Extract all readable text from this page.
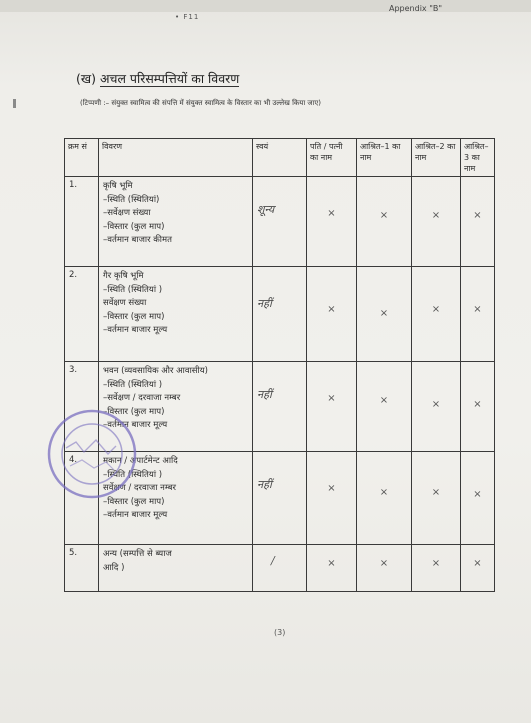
Appendix "B"
• F11
(ख) अचल परिसम्पत्तियों का विवरण
(टिप्पणी :– संयुक्त स्वामित्व की संपत्ति में संयुक्त स्वामित्व के विस्तार का भी उल्लेख किया जाए)
क्रम सं	विवरण	स्वयं	पति / पत्नी का नाम	आश्रित–1 का नाम	आश्रित–2 का नाम	आश्रित–3 का नाम
1.	कृषि भूमि
–स्थिति (स्थितियां)
–सर्वेक्षण संख्या
–विस्तार (कुल माप)
–वर्तमान बाजार कीमत	शून्य	×	×	×	×

2.	गैर कृषि भूमि
–स्थिति (स्थितियां )
सर्वेक्षण संख्या
–विस्तार (कुल माप)
–वर्तमान बाजार मूल्य	नहीं	×	×	×	×

3.	भवन (व्यवसायिक और आवासीय)
–स्थिति (स्थितियां )
–सर्वेक्षण / दरवाजा नम्बर
–विस्तार (कुल माप)
–वर्तमान बाजार मूल्य	नहीं	×	×	×	×

4.	मकान / अपार्टमेन्ट आदि
–स्थिति (स्थितियां )
सर्वेक्षण / दरवाजा नम्बर
–विस्तार (कुल माप)
–वर्तमान बाजार मूल्य	नहीं	×	×	×	×

5.	अन्य (सम्पत्ति से ब्याज
आदि )	/	×	×	×	×
(3)
